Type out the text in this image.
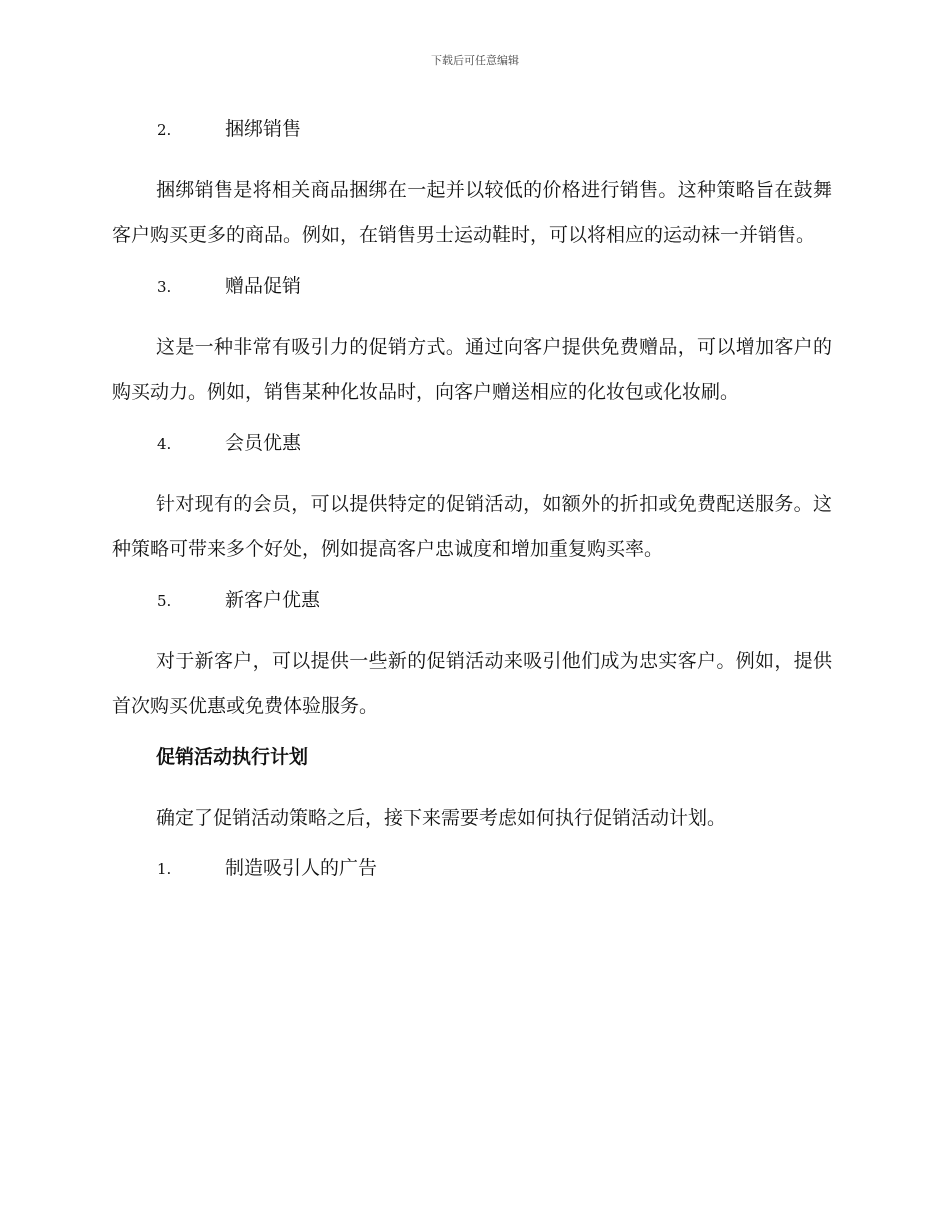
下载后可任意编辑
2.	捆绑销售

捆绑销售是将相关商品捆绑在一起并以较低的价格进行销售。这种策略旨在鼓舞客户购买更多的商品。例如，在销售男士运动鞋时，可以将相应的运动袜一并销售。

3.	赠品促销

这是一种非常有吸引力的促销方式。通过向客户提供免费赠品，可以增加客户的购买动力。例如，销售某种化妆品时，向客户赠送相应的化妆包或化妆刷。

4.	会员优惠

针对现有的会员，可以提供特定的促销活动，如额外的折扣或免费配送服务。这种策略可带来多个好处，例如提高客户忠诚度和增加重复购买率。

5.	新客户优惠

对于新客户，可以提供一些新的促销活动来吸引他们成为忠实客户。例如，提供首次购买优惠或免费体验服务。

促销活动执行计划

确定了促销活动策略之后，接下来需要考虑如何执行促销活动计划。

1.	制造吸引人的广告
